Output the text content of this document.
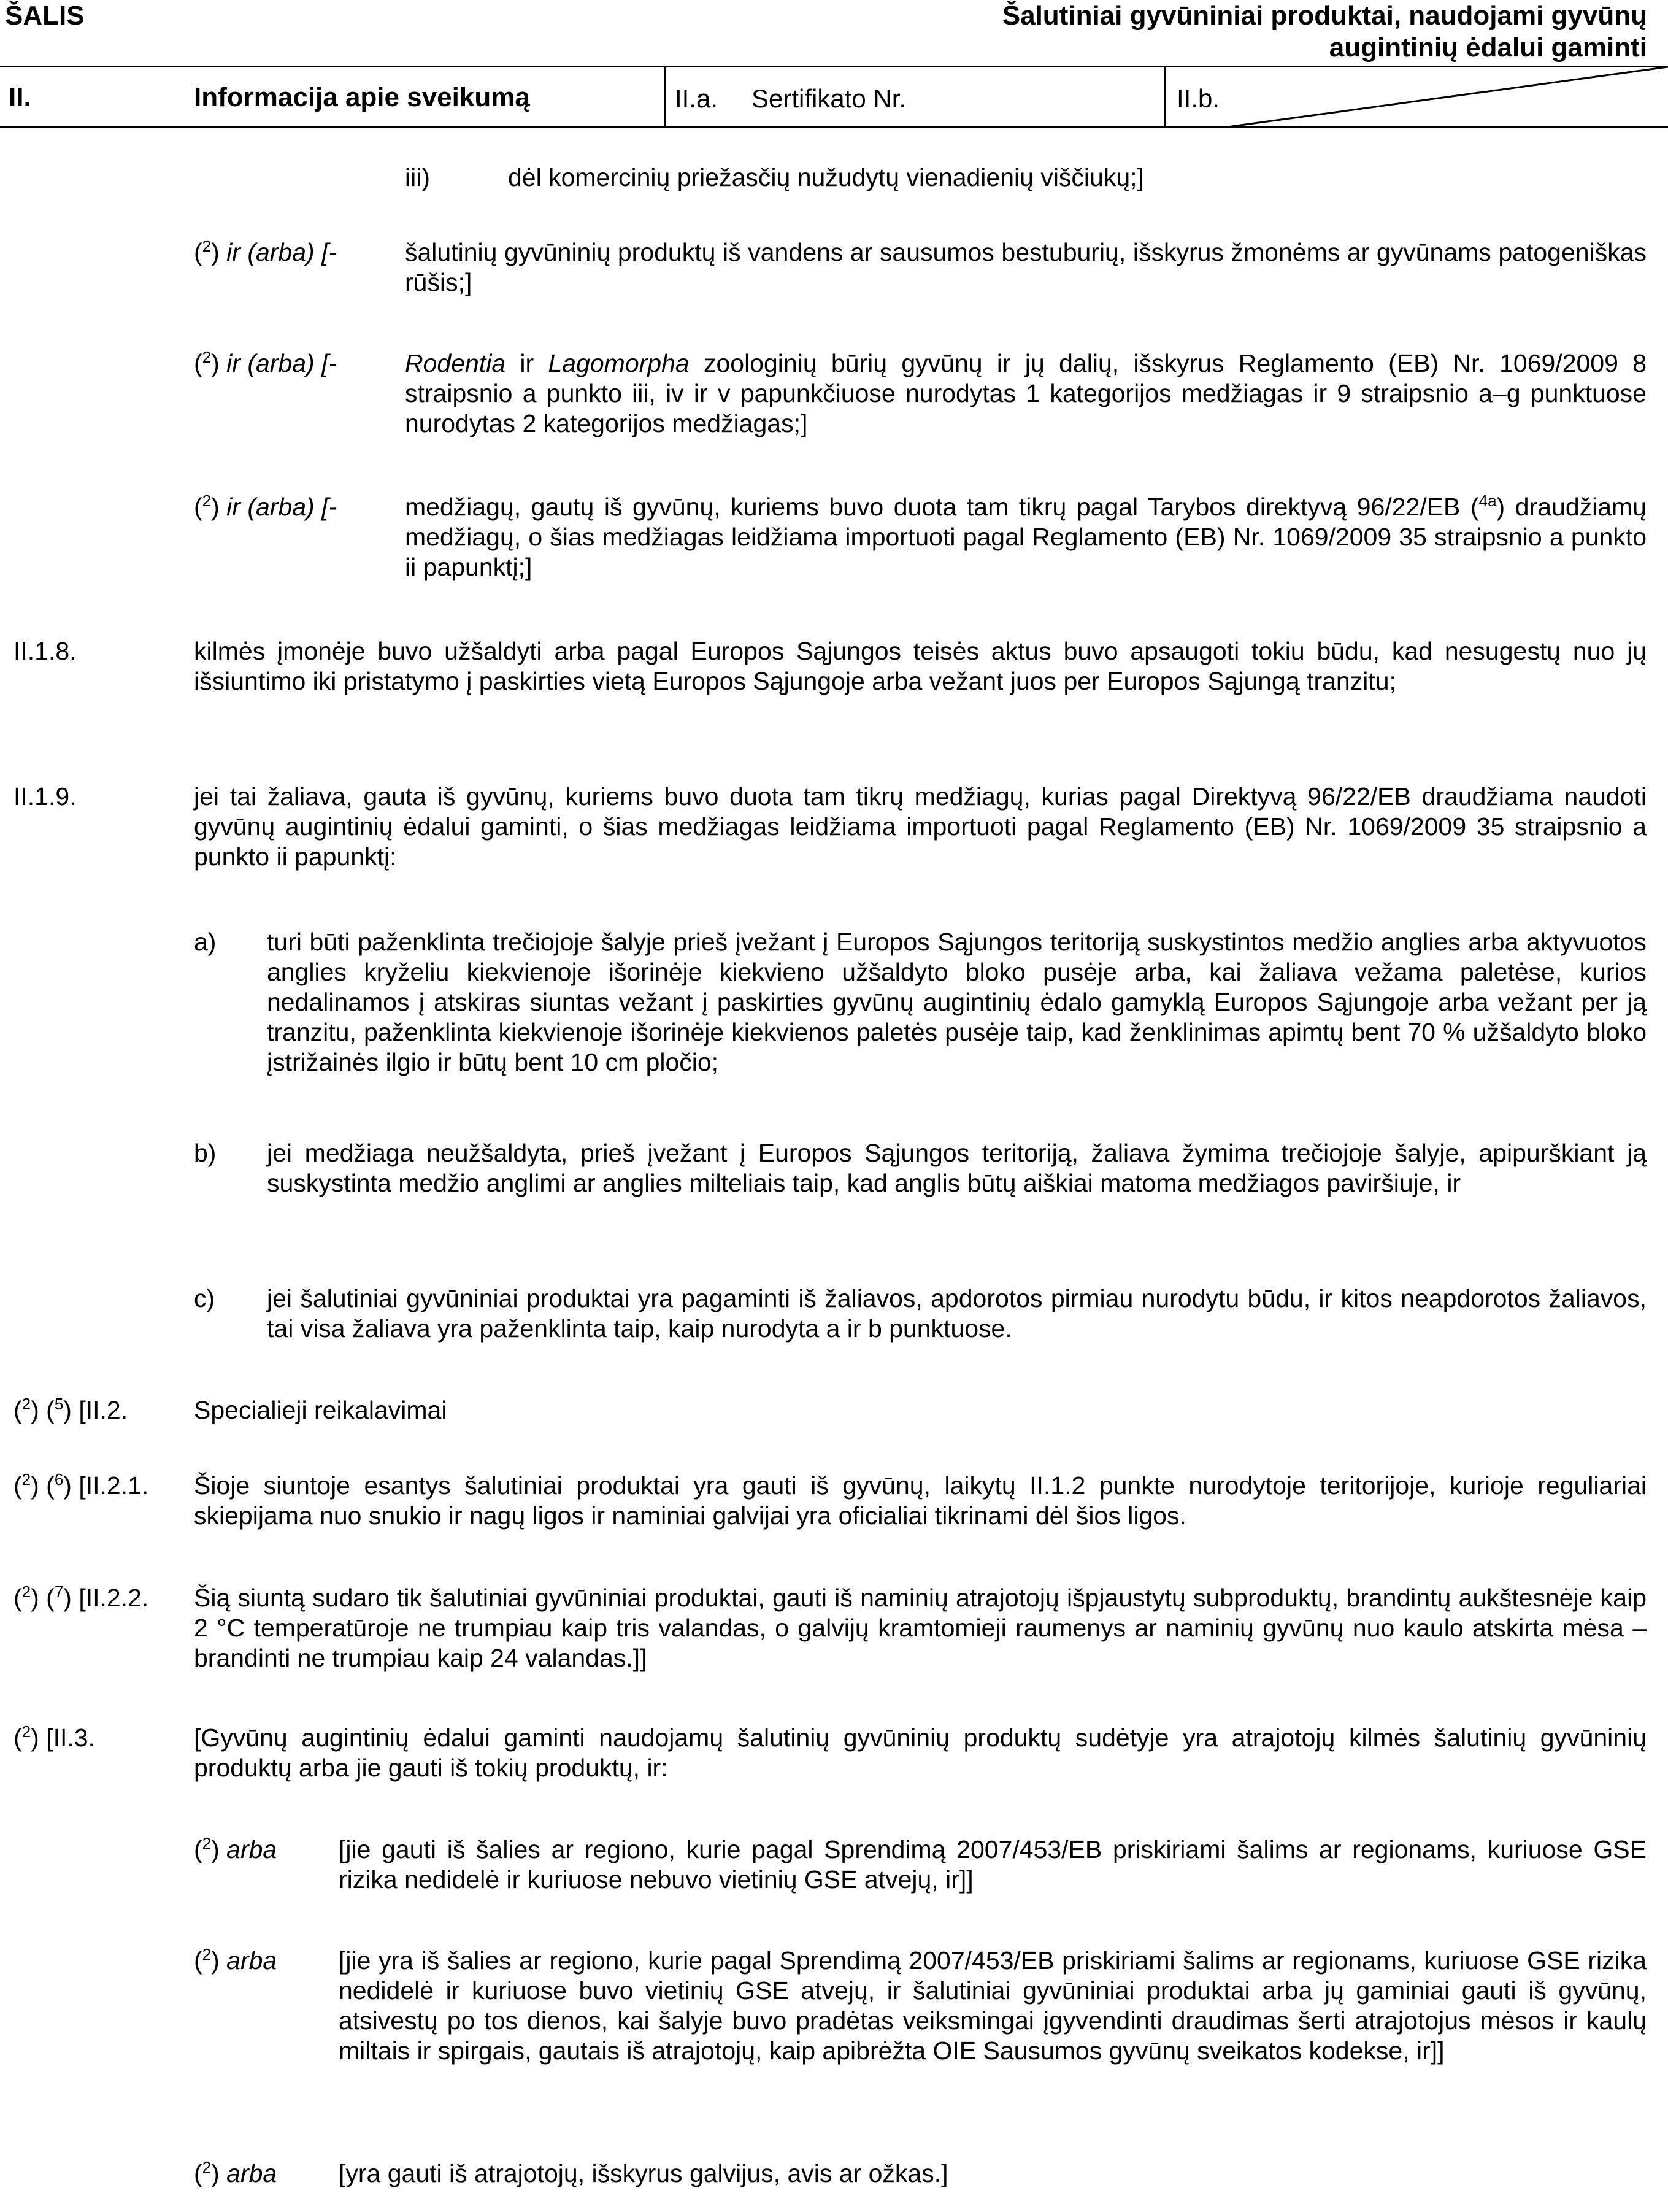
ŠALIS	Šalutiniai gyvūniniai produktai, naudojami gyvūnų
augintinių ėdalui gaminti
II.	Informacija apie sveikumą	II.a. Sertifikato Nr.	II.b.
iii)	dėl komercinių priežasčių nužudytų vienadienių viščiukų;]
($^2$) ir (arba) [-	šalutinių gyvūninių produktų iš vandens ar sausumos bestuburių, išskyrus žmonėms ar gyvūnams patogeniškas rūšis;]
($^2$) ir (arba) [-	Rodentia ir Lagomorpha zoologinių būrių gyvūnų ir jų dalių, išskyrus Reglamento (EB) Nr. 1069/2009 8 straipsnio a punkto iii, iv ir v papunkčiuose nurodytas 1 kategorijos medžiagas ir 9 straipsnio a–g punktuose nurodytas 2 kategorijos medžiagas;]
($^2$) ir (arba) [-	medžiagų, gautų iš gyvūnų, kuriems buvo duota tam tikrų pagal Tarybos direktyvą 96/22/EB ($^{4a}$) draudžiamų medžiagų, o šias medžiagas leidžiama importuoti pagal Reglamento (EB) Nr. 1069/2009 35 straipsnio a punkto ii papunktį;]
II.1.8.	kilmės įmonėje buvo užšaldyti arba pagal Europos Sąjungos teisės aktus buvo apsaugoti tokiu būdu, kad nesugestų nuo jų išsiuntimo iki pristatymo į paskirties vietą Europos Sąjungoje arba vežant juos per Europos Sąjungą tranzitu;
II.1.9.	jei tai žaliava, gauta iš gyvūnų, kuriems buvo duota tam tikrų medžiagų, kurias pagal Direktyvą 96/22/EB draudžiama naudoti gyvūnų augintinių ėdalui gaminti, o šias medžiagas leidžiama importuoti pagal Reglamento (EB) Nr. 1069/2009 35 straipsnio a punkto ii papunktį:
a) turi būti paženklinta trečiojoje šalyje prieš įvežant į Europos Sąjungos teritoriją suskystintos medžio anglies arba aktyvuotos anglies kryželiu kiekvienoje išorinėje kiekvieno užšaldyto bloko pusėje arba, kai žaliava vežama paletėse, kurios nedalinamos į atskiras siuntas vežant į paskirties gyvūnų augintinių ėdalo gamyklą Europos Sąjungoje arba vežant per ją tranzitu, paženklinta kiekvienoje išorinėje kiekvienos paletės pusėje taip, kad ženklinimas apimtų bent 70 % užšaldyto bloko įstrižainės ilgio ir būtų bent 10 cm pločio;
b) jei medžiaga neužšaldyta, prieš įvežant į Europos Sąjungos teritoriją, žaliava žymima trečiojoje šalyje, apipurškiant ją suskystinta medžio anglimi ar anglies milteliais taip, kad anglis būtų aiškiai matoma medžiagos paviršiuje, ir
c) jei šalutiniai gyvūniniai produktai yra pagaminti iš žaliavos, apdorotos pirmiau nurodytu būdu, ir kitos neapdorotos žaliavos, tai visa žaliava yra paženklinta taip, kaip nurodyta a ir b punktuose.
($^2$) ($^5$) [II.2.	Specialieji reikalavimai
($^2$) ($^6$) [II.2.1. Šioje siuntoje esantys šalutiniai produktai yra gauti iš gyvūnų, laikytų II.1.2 punkte nurodytoje teritorijoje, kurioje reguliariai skiepijama nuo snukio ir nagų ligos ir naminiai galvijai yra oficialiai tikrinami dėl šios ligos.
($^2$) ($^7$) [II.2.2. Šią siuntą sudaro tik šalutiniai gyvūniniai produktai, gauti iš naminių atrajotojų išpjaustytų subproduktų, brandintų aukštesnėje kaip 2 °C temperatūroje ne trumpiau kaip tris valandas, o galvijų kramtomieji raumenys ar naminių gyvūnų nuo kaulo atskirta mėsa – brandinti ne trumpiau kaip 24 valandas.]]
($^2$) [II.3.	[Gyvūnų augintinių ėdalui gaminti naudojamų šalutinių gyvūninių produktų sudėtyje yra atrajotojų kilmės šalutinių gyvūninių produktų arba jie gauti iš tokių produktų, ir:
($^2$) arba [jie gauti iš šalies ar regiono, kurie pagal Sprendimą 2007/453/EB priskiriami šalims ar regionams, kuriuose GSE rizika nedidelė ir kuriuose nebuvo vietinių GSE atvejų, ir]]
($^2$) arba [jie yra iš šalies ar regiono, kurie pagal Sprendimą 2007/453/EB priskiriami šalims ar regionams, kuriuose GSE rizika nedidelė ir kuriuose buvo vietinių GSE atvejų, ir šalutiniai gyvūniniai produktai arba jų gaminiai gauti iš gyvūnų, atsivestų po tos dienos, kai šalyje buvo pradėtas veiksmingai įgyvendinti draudimas šerti atrajotojus mėsos ir kaulų miltais ir spirgais, gautais iš atrajotojų, kaip apibrėžta OIE Sausumos gyvūnų sveikatos kodekse, ir]]
($^2$) arba [yra gauti iš atrajotojų, išskyrus galvijus, avis ar ožkas.]
